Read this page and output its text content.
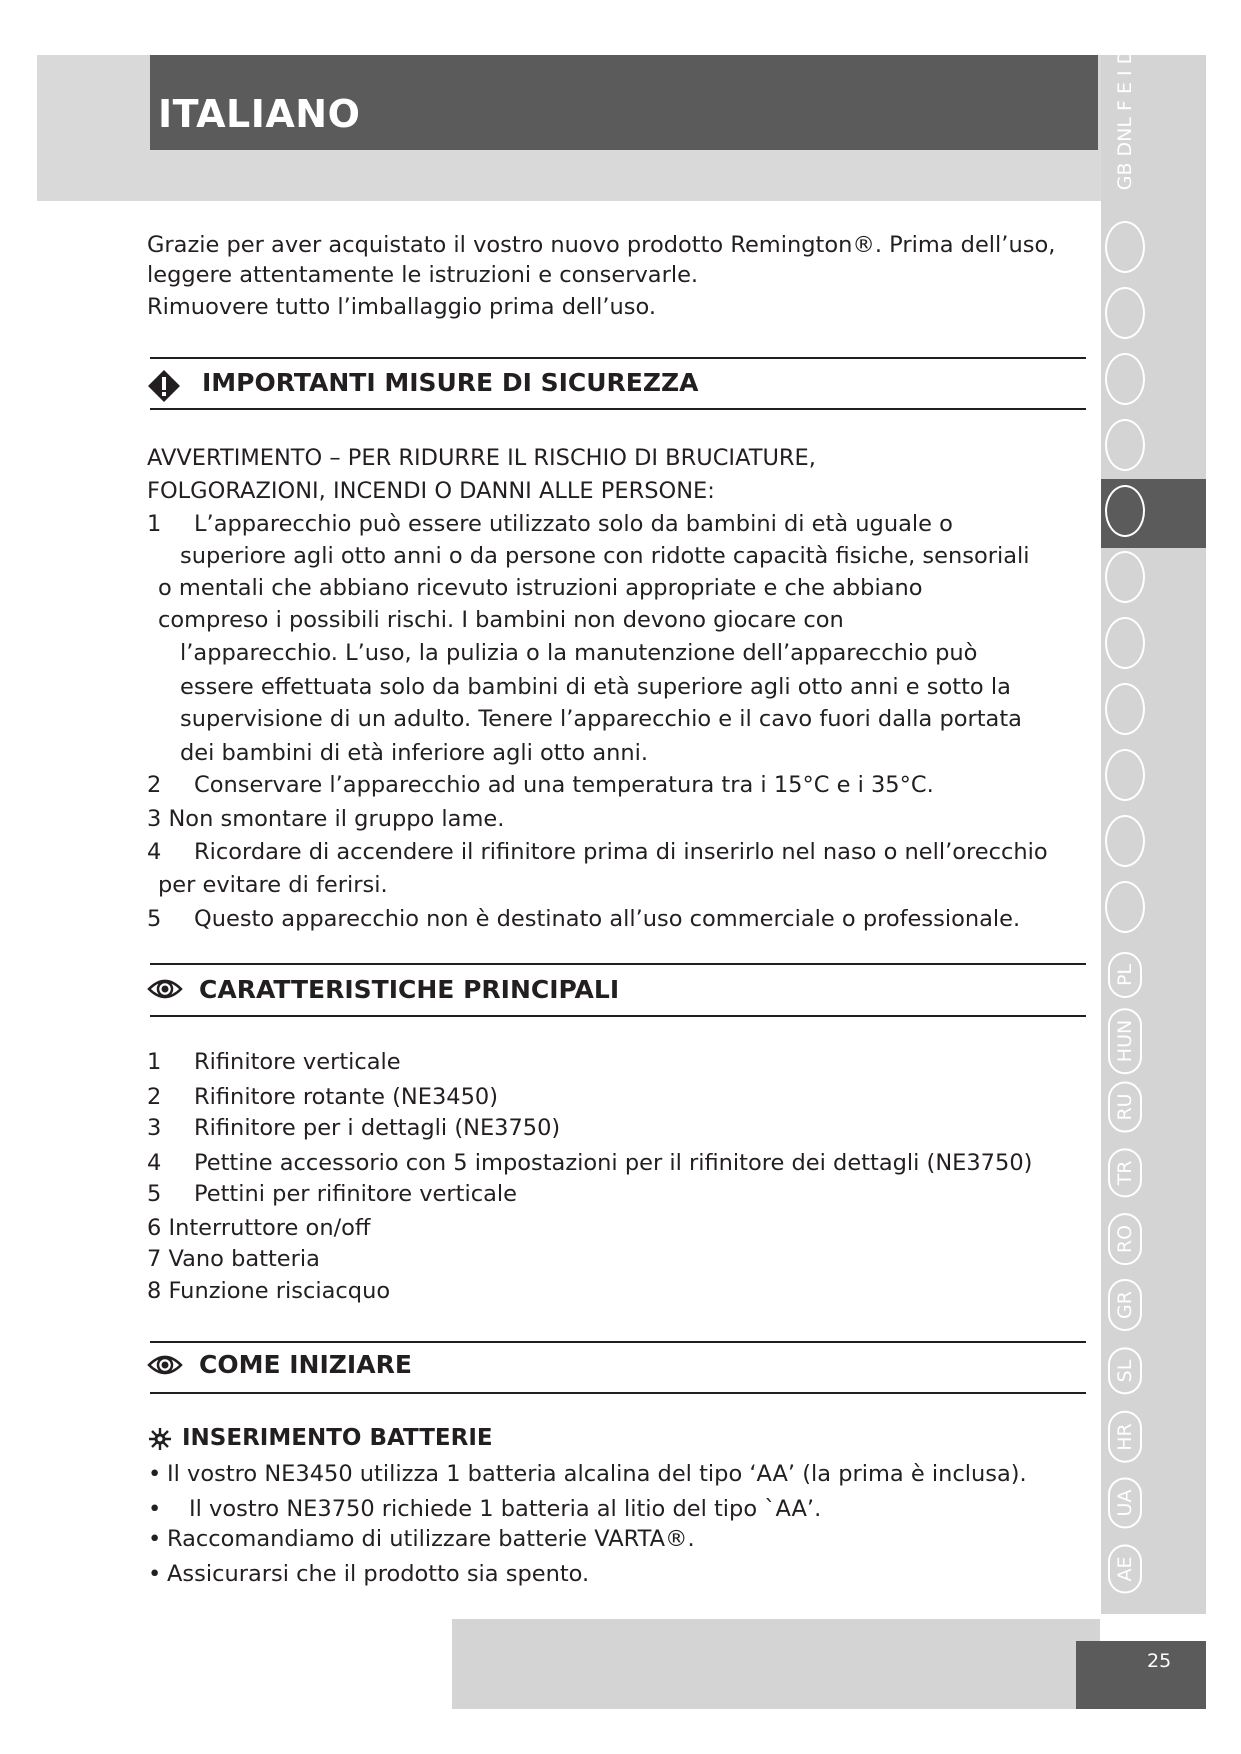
ITALIANO	GB DNL F E I D
PL
HUN
RU
TR
RO
GR
SL
HR
UA
AE
25
Grazie per aver acquistato il vostro nuovo prodotto Remington®. Prima dell’uso,
leggere attentamente le istruzioni e conservarle.
Rimuovere tutto l’imballaggio prima dell’uso.
IMPORTANTI MISURE DI SICUREZZA
AVVERTIMENTO – PER RIDURRE IL RISCHIO DI BRUCIATURE,
FOLGORAZIONI, INCENDI O DANNI ALLE PERSONE:
1 L’apparecchio può essere utilizzato solo da bambini di età uguale o
superiore agli otto anni o da persone con ridotte capacità fisiche, sensoriali
o mentali che abbiano ricevuto istruzioni appropriate e che abbiano
compreso i possibili rischi. I bambini non devono giocare con
l’apparecchio. L’uso, la pulizia o la manutenzione dell’apparecchio può
essere effettuata solo da bambini di età superiore agli otto anni e sotto la
supervisione di un adulto. Tenere l’apparecchio e il cavo fuori dalla portata
dei bambini di età inferiore agli otto anni.
2 Conservare l’apparecchio ad una temperatura tra i 15°C e i 35°C.
3 Non smontare il gruppo lame.
4 Ricordare di accendere il rifinitore prima di inserirlo nel naso o nell’orecchio
per evitare di ferirsi.
5 Questo apparecchio non è destinato all’uso commerciale o professionale.
CARATTERISTICHE PRINCIPALI
1 Rifinitore verticale
2 Rifinitore rotante (NE3450)
3 Rifinitore per i dettagli (NE3750)
4 Pettine accessorio con 5 impostazioni per il rifinitore dei dettagli (NE3750)
5 Pettini per rifinitore verticale
6 Interruttore on/off
7 Vano batteria
8 Funzione risciacquo
COME INIZIARE
INSERIMENTO BATTERIE
• Il vostro NE3450 utilizza 1 batteria alcalina del tipo ‘AA’ (la prima è inclusa).
• Il vostro NE3750 richiede 1 batteria al litio del tipo `AA’.
• Raccomandiamo di utilizzare batterie VARTA®.
• Assicurarsi che il prodotto sia spento.
